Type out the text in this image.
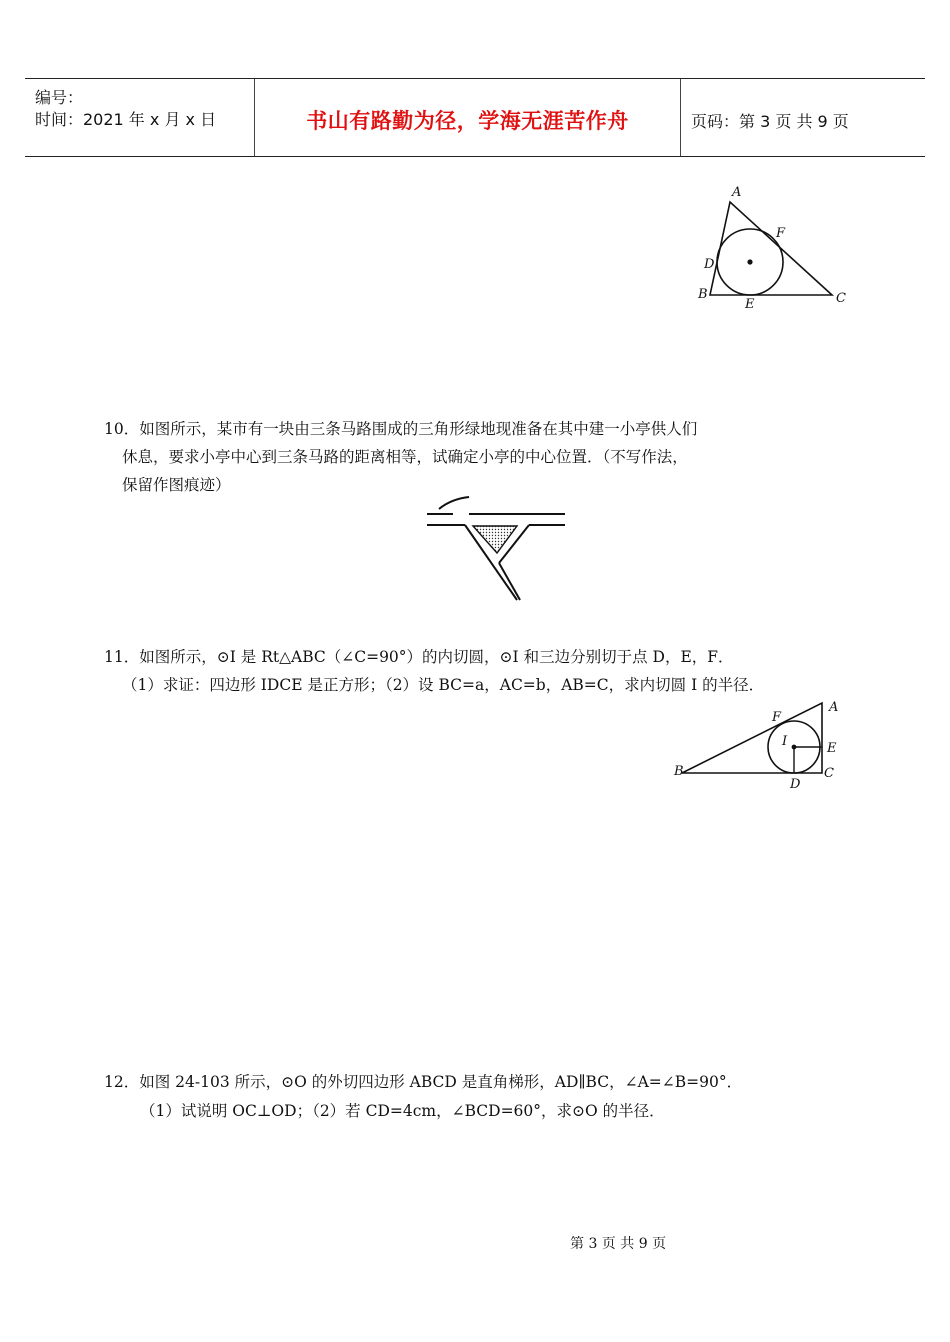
编号：
时间：2021 年 x 月 x 日	书山有路勤为径，学海无涯苦作舟	页码：第 3 页 共 9 页
A
F
D
B
E	C
10．如图所示，某市有一块由三条马路围成的三角形绿地现准备在其中建一小亭供人们
休息，要求小亭中心到三条马路的距离相等，试确定小亭的中心位置．（不写作法，
保留作图痕迹）
11．如图所示，⊙I 是 Rt△ABC（∠C=90°）的内切圆，⊙I 和三边分别切于点 D，E，F．
（1）求证：四边形 IDCE 是正方形；（2）设 BC=a，AC=b，AB=C，求内切圆 I 的半径．
F
A
I	E
B	C
D
12．如图 24-103 所示，⊙O 的外切四边形 ABCD 是直角梯形，AD∥BC，∠A=∠B=90°．
（1）试说明 OC⊥OD；（2）若 CD=4cm，∠BCD=60°，求⊙O 的半径．
第 3 页 共 9 页
